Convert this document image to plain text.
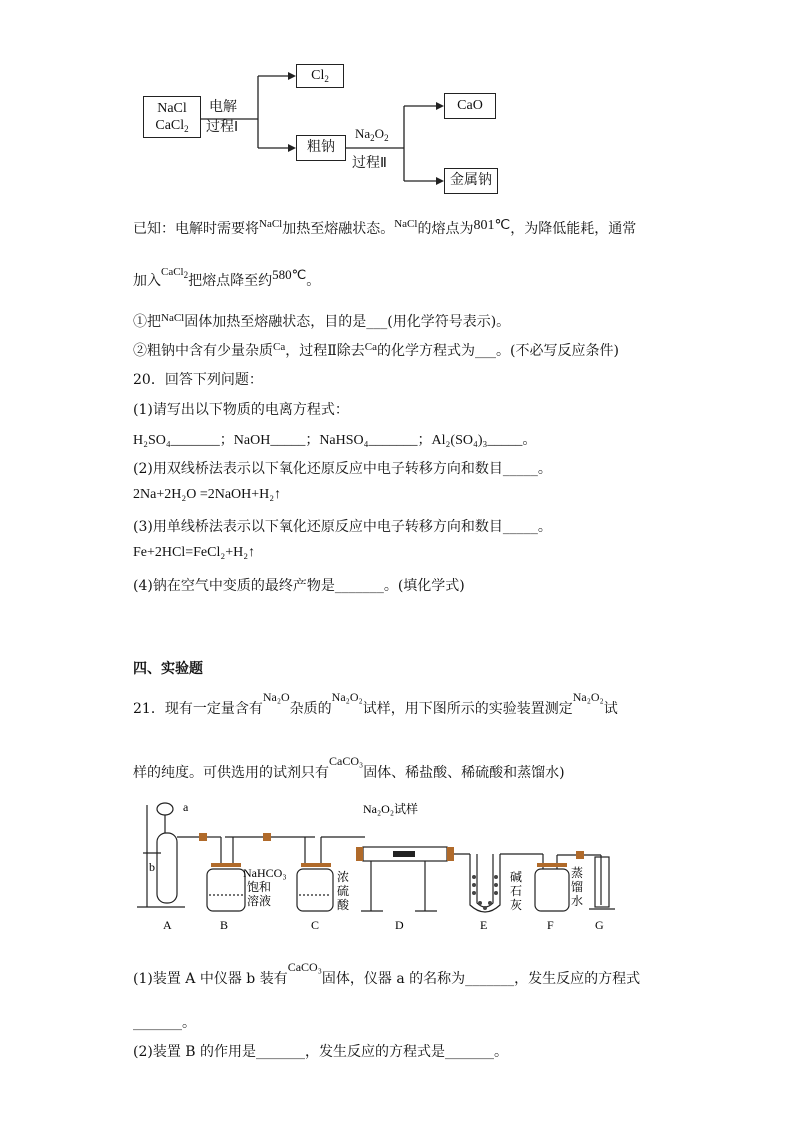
NaCl
CaCl$_2$
电解
过程Ⅰ
$Cl_2$
粗钠
$Na_2O_2$
过程Ⅱ
CaO
金属钠
已知：电解时需要将$^{NaCl}$加热至熔融状态。$^{NaCl}$的熔点为801℃，为降低能耗，通常
加入$^{CaCl_2}$把熔点降至约580℃。
①把$^{NaCl}$固体加热至熔融状态，目的是___(用化学符号表示)。
②粗钠中含有少量杂质$^{Ca}$，过程Ⅱ除去$^{Ca}$的化学方程式为___。(不必写反应条件)
20．回答下列问题：
(1)请写出以下物质的电离方程式：
H₂SO₄_______；NaOH_____；NaHSO₄_______；Al₂(SO₄)₃_____。
(2)用双线桥法表示以下氧化还原反应中电子转移方向和数目_____。
2Na+2H₂O =2NaOH+H₂↑
(3)用单线桥法表示以下氧化还原反应中电子转移方向和数目_____。
Fe+2HCl=FeCl₂+H₂↑
(4)钠在空气中变质的最终产物是_______。(填化学式)
四、实验题
21．现有一定量含有Na₂O杂质的Na₂O₂试样，用下图所示的实验装置测定Na₂O₂试
样的纯度。可供选用的试剂只有CaCO₃固体、稀盐酸、稀硫酸和蒸馏水)
a
b	NaHCO₃
饱和
溶液
浓
硫
酸
Na₂O₂试样
碱
石
灰
蒸
馏
水
A	B	C	D	E	F	G
(1)装置 A 中仪器 b 装有CaCO₃固体，仪器 a 的名称为_______，发生反应的方程式
_______。
(2)装置 B 的作用是_______，发生反应的方程式是_______。
